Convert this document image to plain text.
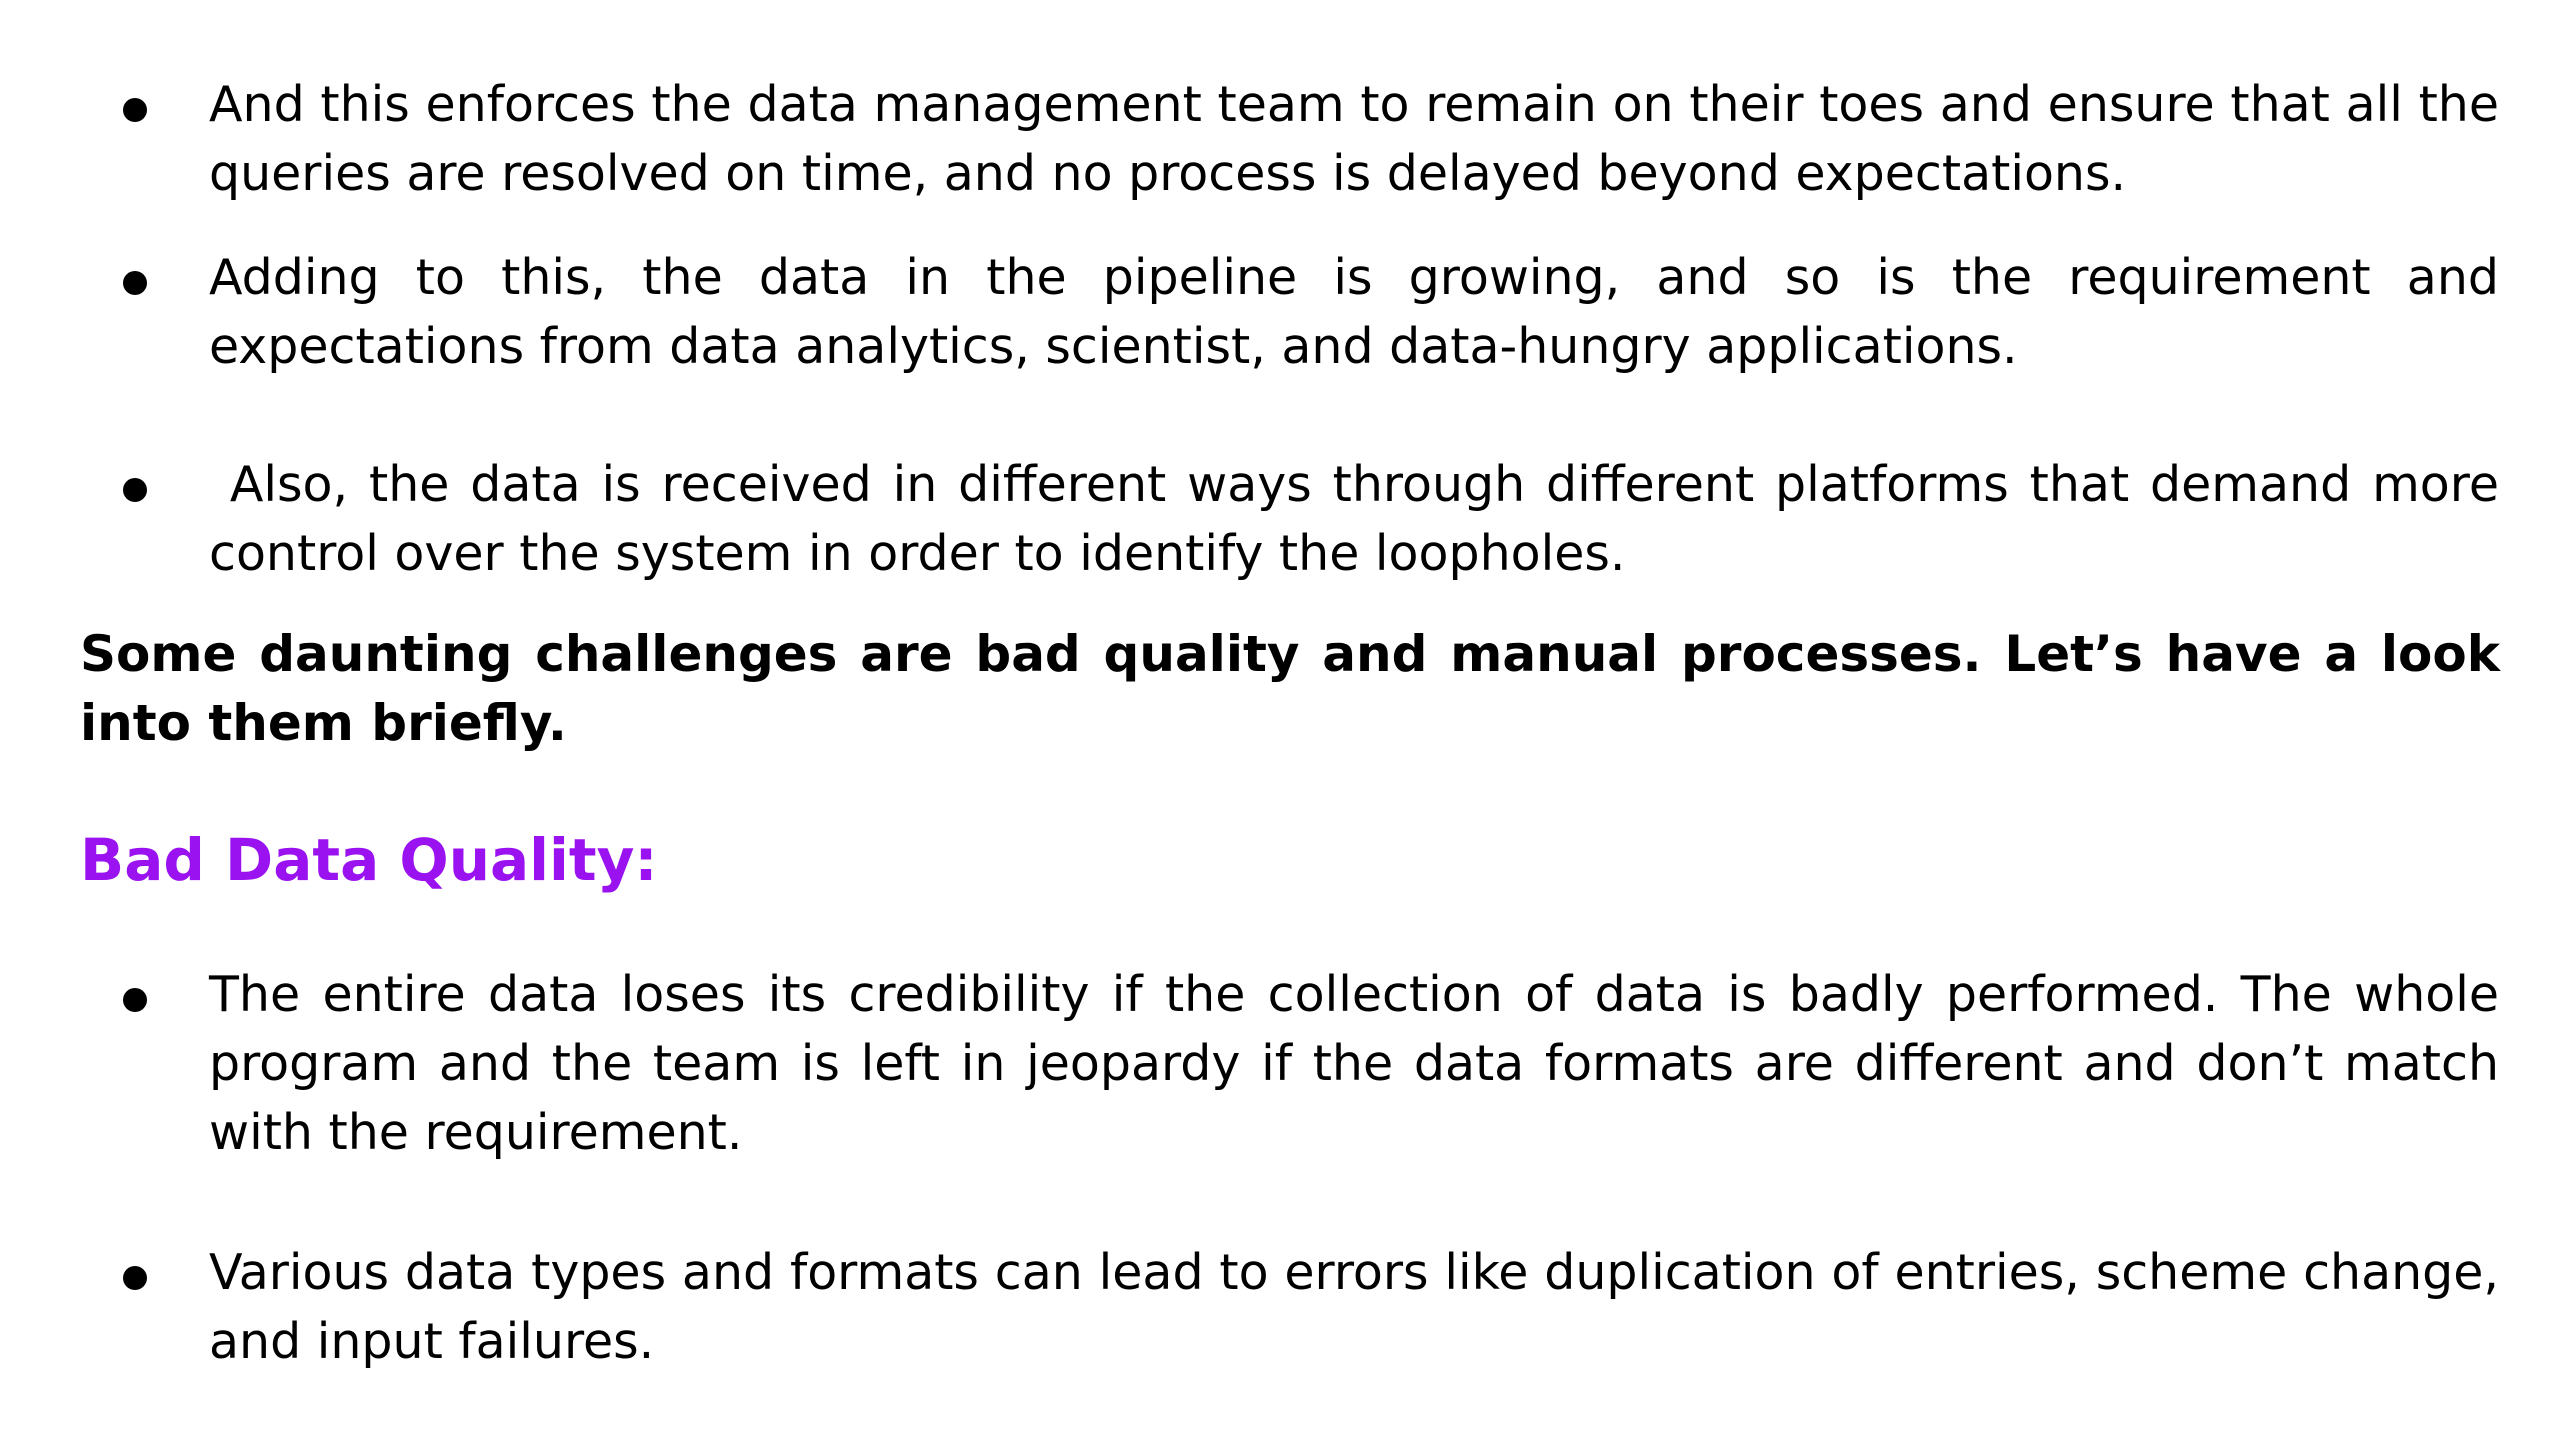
And this enforces the data management team to remain on their toes and ensure that all the queries are resolved on time, and no process is delayed beyond expectations.

Adding to this, the data in the pipeline is growing, and so is the requirement and expectations from data analytics, scientist, and data-hungry applications.

Also, the data is received in different ways through different platforms that demand more control over the system in order to identify the loopholes.

Some daunting challenges are bad quality and manual processes. Let’s have a look into them briefly.

Bad Data Quality:

The entire data loses its credibility if the collection of data is badly performed. The whole program and the team is left in jeopardy if the data formats are different and don’t match with the requirement.

Various data types and formats can lead to errors like duplication of entries, scheme change, and input failures.
